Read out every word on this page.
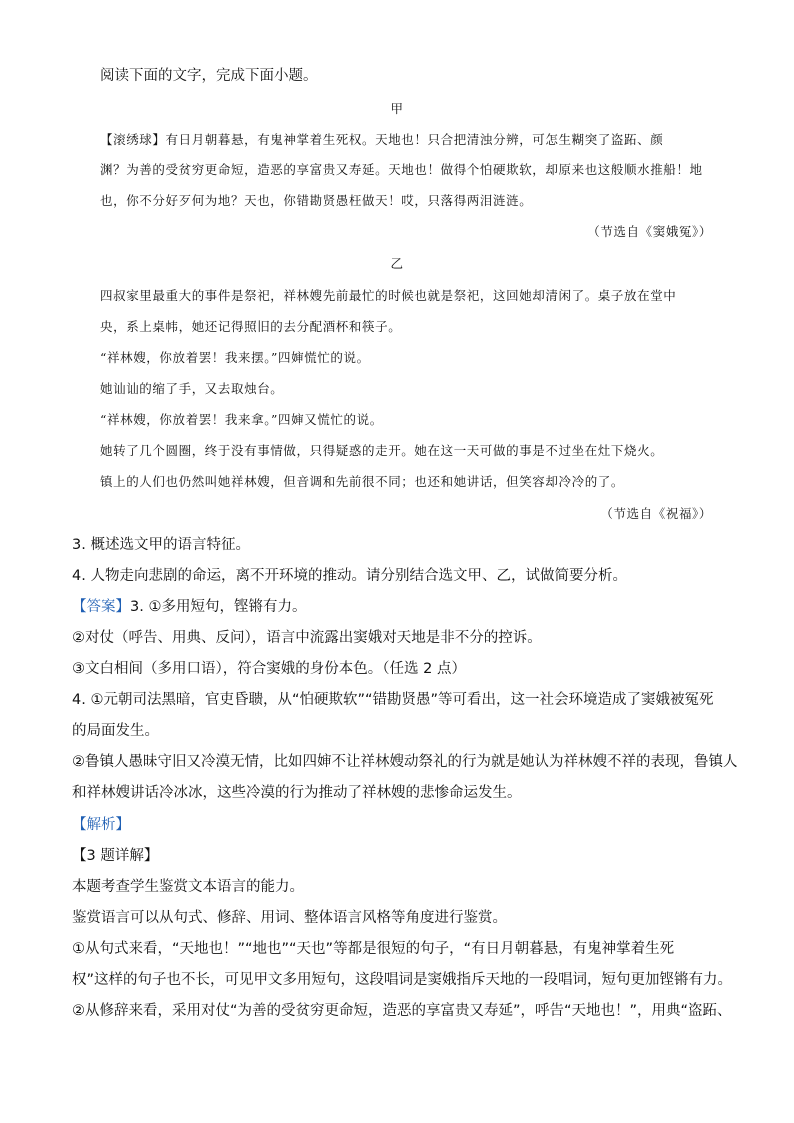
阅读下面的文字，完成下面小题。
甲
【滚绣球】有日月朝暮悬，有鬼神掌着生死权。天地也！只合把清浊分辨，可怎生糊突了盗跖、颜
渊？为善的受贫穷更命短，造恶的享富贵又寿延。天地也！做得个怕硬欺软，却原来也这般顺水推船！地
也，你不分好歹何为地？天也，你错勘贤愚枉做天！哎，只落得两泪涟涟。
（节选自《窦娥冤》）
乙
四叔家里最重大的事件是祭祀，祥林嫂先前最忙的时候也就是祭祀，这回她却清闲了。桌子放在堂中
央，系上桌帏，她还记得照旧的去分配酒杯和筷子。
“祥林嫂，你放着罢！我来摆。”四婶慌忙的说。
她讪讪的缩了手，又去取烛台。
“祥林嫂，你放着罢！我来拿。”四婶又慌忙的说。
她转了几个圆圈，终于没有事情做，只得疑惑的走开。她在这一天可做的事是不过坐在灶下烧火。
镇上的人们也仍然叫她祥林嫂，但音调和先前很不同；也还和她讲话，但笑容却冷冷的了。
（节选自《祝福》）
3. 概述选文甲的语言特征。
4. 人物走向悲剧的命运，离不开环境的推动。请分别结合选文甲、乙，试做简要分析。
【答案】3. ①多用短句，铿锵有力。
②对仗（呼告、用典、反问），语言中流露出窦娥对天地是非不分的控诉。
③文白相间（多用口语），符合窦娥的身份本色。（任选 2 点）
4. ①元朝司法黑暗，官吏昏聩，从“怕硬欺软”“错勘贤愚”等可看出，这一社会环境造成了窦娥被冤死
的局面发生。
②鲁镇人愚昧守旧又冷漠无情，比如四婶不让祥林嫂动祭礼的行为就是她认为祥林嫂不祥的表现，鲁镇人
和祥林嫂讲话冷冰冰，这些冷漠的行为推动了祥林嫂的悲惨命运发生。
【解析】
【3 题详解】
本题考查学生鉴赏文本语言的能力。
鉴赏语言可以从句式、修辞、用词、整体语言风格等角度进行鉴赏。
①从句式来看，“天地也！”“地也”“天也”等都是很短的句子，“有日月朝暮悬，有鬼神掌着生死
权”这样的句子也不长，可见甲文多用短句，这段唱词是窦娥指斥天地的一段唱词，短句更加铿锵有力。
②从修辞来看，采用对仗“为善的受贫穷更命短，造恶的享富贵又寿延”，呼告“天地也！”，用典“盗跖、
